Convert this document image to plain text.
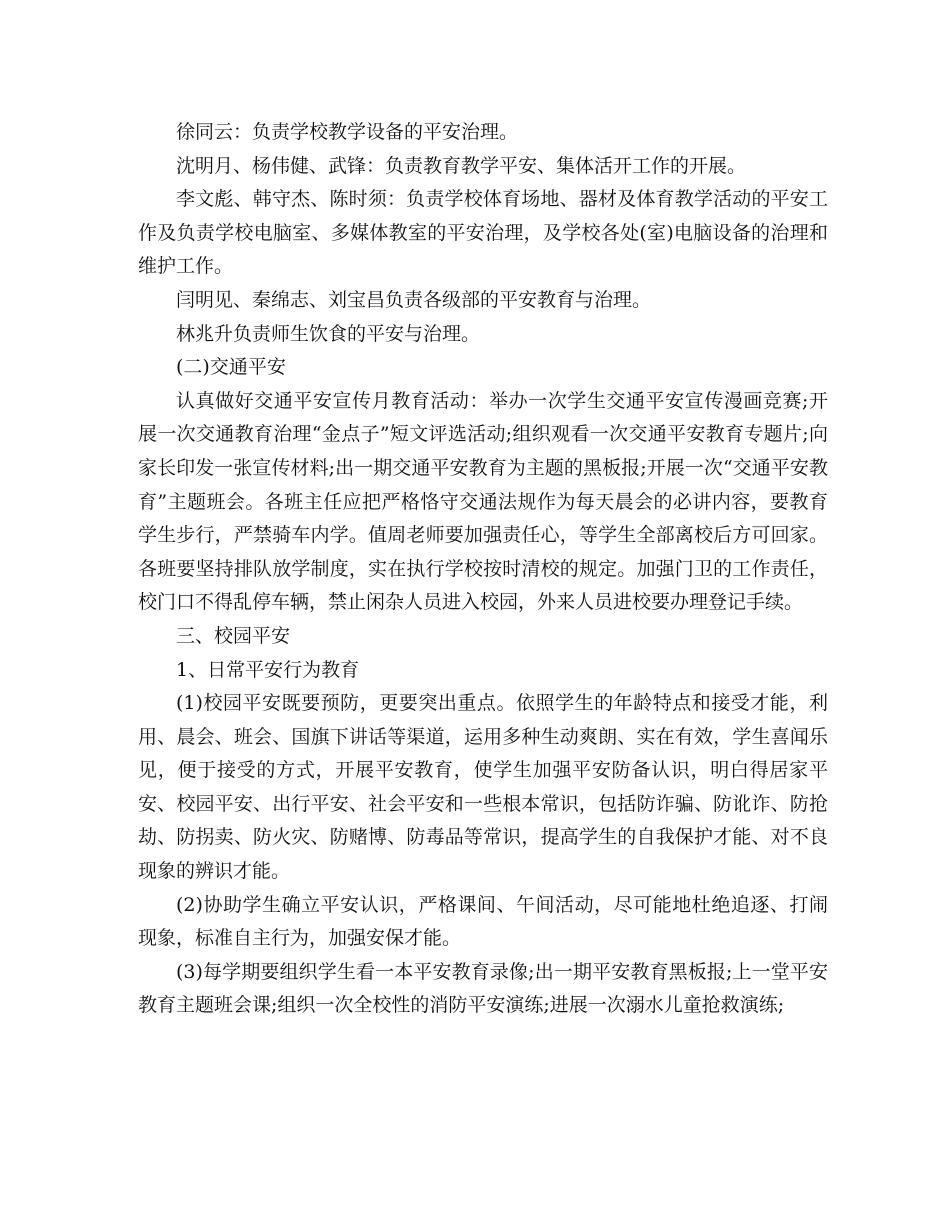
徐同云：负责学校教学设备的平安治理。

沈明月、杨伟健、武锋：负责教育教学平安、集体活开工作的开展。

李文彪、韩守杰、陈时须：负责学校体育场地、器材及体育教学活动的平安工作及负责学校电脑室、多媒体教室的平安治理，及学校各处(室)电脑设备的治理和维护工作。

闫明见、秦绵志、刘宝昌负责各级部的平安教育与治理。

林兆升负责师生饮食的平安与治理。

(二)交通平安

认真做好交通平安宣传月教育活动：举办一次学生交通平安宣传漫画竞赛;开展一次交通教育治理“金点子”短文评选活动;组织观看一次交通平安教育专题片;向家长印发一张宣传材料;出一期交通平安教育为主题的黑板报;开展一次“交通平安教育”主题班会。各班主任应把严格恪守交通法规作为每天晨会的必讲内容，要教育学生步行，严禁骑车内学。值周老师要加强责任心，等学生全部离校后方可回家。各班要坚持排队放学制度，实在执行学校按时清校的规定。加强门卫的工作责任，校门口不得乱停车辆，禁止闲杂人员进入校园，外来人员进校要办理登记手续。

三、校园平安

1、日常平安行为教育

(1)校园平安既要预防，更要突出重点。依照学生的年龄特点和接受才能，利用、晨会、班会、国旗下讲话等渠道，运用多种生动爽朗、实在有效，学生喜闻乐见，便于接受的方式，开展平安教育，使学生加强平安防备认识，明白得居家平安、校园平安、出行平安、社会平安和一些根本常识，包括防诈骗、防讹诈、防抢劫、防拐卖、防火灾、防赌博、防毒品等常识，提高学生的自我保护才能、对不良现象的辨识才能。

(2)协助学生确立平安认识，严格课间、午间活动，尽可能地杜绝追逐、打闹现象，标准自主行为，加强安保才能。

(3)每学期要组织学生看一本平安教育录像;出一期平安教育黑板报;上一堂平安教育主题班会课;组织一次全校性的消防平安演练;进展一次溺水儿童抢救演练;
